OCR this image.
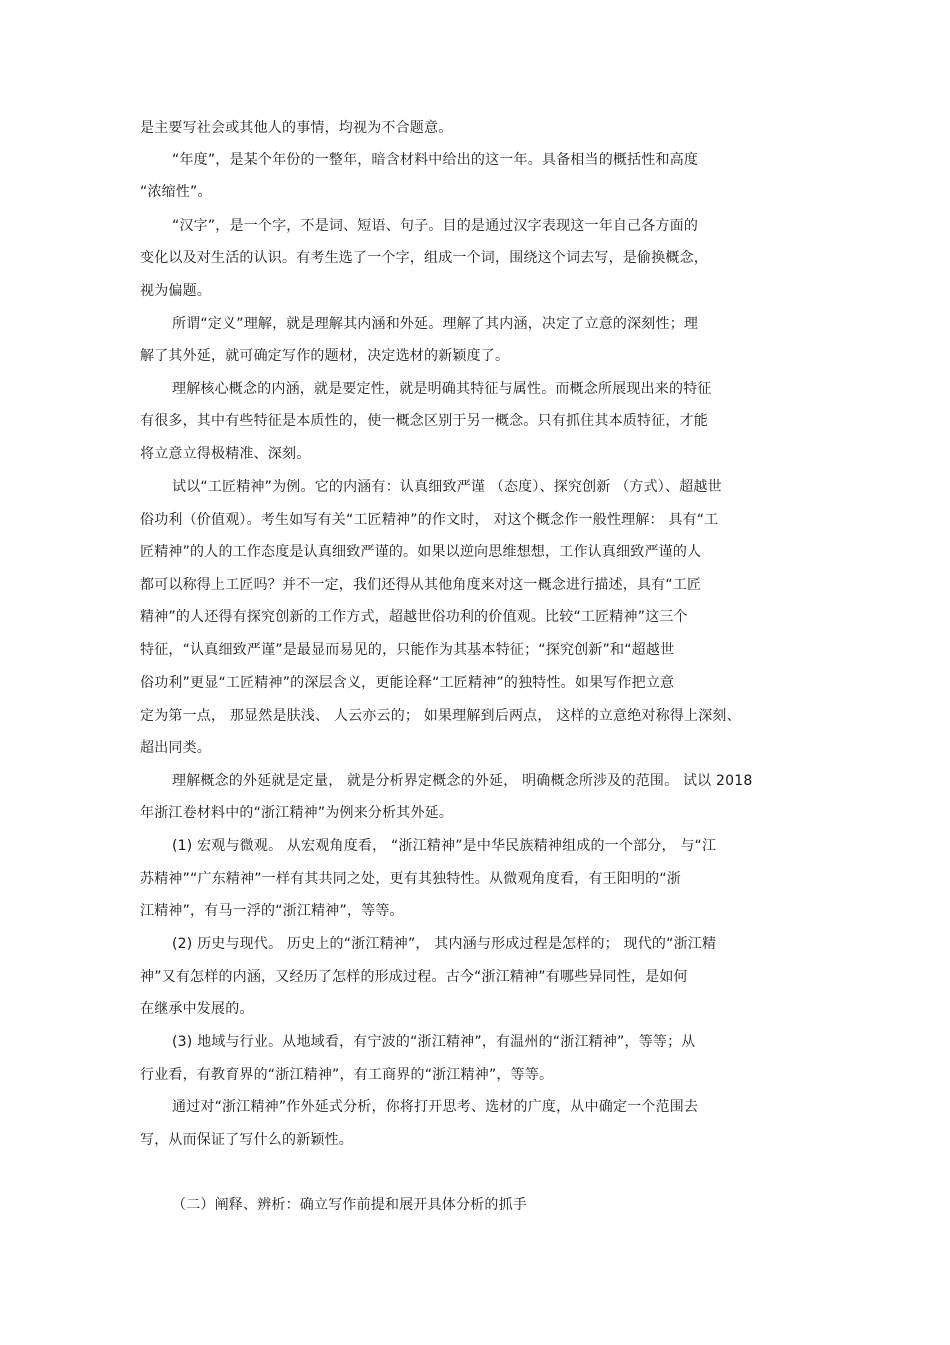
是主要写社会或其他人的事情，均视为不合题意。
“年度”，是某个年份的一整年，暗含材料中给出的这一年。具备相当的概括性和高度
“浓缩性”。
“汉字”，是一个字，不是词、短语、句子。目的是通过汉字表现这一年自己各方面的
变化以及对生活的认识。有考生选了一个字，组成一个词，围绕这个词去写，是偷换概念，
视为偏题。
所谓“定义”理解，就是理解其内涵和外延。理解了其内涵，决定了立意的深刻性；理
解了其外延，就可确定写作的题材，决定选材的新颖度了。
理解核心概念的内涵，就是要定性，就是明确其特征与属性。而概念所展现出来的特征
有很多，其中有些特征是本质性的，使一概念区别于另一概念。只有抓住其本质特征，才能
将立意立得极精准、深刻。
试以“工匠精神”为例。它的内涵有：认真细致严谨 （态度）、探究创新 （方式）、超越世
俗功利（价值观）。考生如写有关“工匠精神”的作文时， 对这个概念作一般性理解： 具有“工
匠精神”的人的工作态度是认真细致严谨的。如果以逆向思维想想，工作认真细致严谨的人
都可以称得上工匠吗？并不一定，我们还得从其他角度来对这一概念进行描述，具有“工匠
精神”的人还得有探究创新的工作方式，超越世俗功利的价值观。比较“工匠精神”这三个
特征，“认真细致严谨”是最显而易见的，只能作为其基本特征；“探究创新”和“超越世
俗功利”更显“工匠精神”的深层含义，更能诠释“工匠精神”的独特性。如果写作把立意
定为第一点， 那显然是肤浅、 人云亦云的； 如果理解到后两点， 这样的立意绝对称得上深刻、
超出同类。
理解概念的外延就是定量， 就是分析界定概念的外延， 明确概念所涉及的范围。 试以 2018
年浙江卷材料中的“浙江精神”为例来分析其外延。
(1) 宏观与微观。 从宏观角度看， “浙江精神”是中华民族精神组成的一个部分， 与“江
苏精神”“广东精神”一样有其共同之处，更有其独特性。从微观角度看，有王阳明的“浙
江精神”，有马一浮的“浙江精神”，等等。
(2) 历史与现代。 历史上的“浙江精神”， 其内涵与形成过程是怎样的； 现代的“浙江精
神”又有怎样的内涵，又经历了怎样的形成过程。古今“浙江精神”有哪些异同性，是如何
在继承中发展的。
(3) 地域与行业。从地域看，有宁波的“浙江精神”，有温州的“浙江精神”，等等；从
行业看，有教育界的“浙江精神”，有工商界的“浙江精神”，等等。
通过对“浙江精神”作外延式分析，你将打开思考、选材的广度，从中确定一个范围去
写，从而保证了写什么的新颖性。
（二）阐释、辨析：确立写作前提和展开具体分析的抓手
